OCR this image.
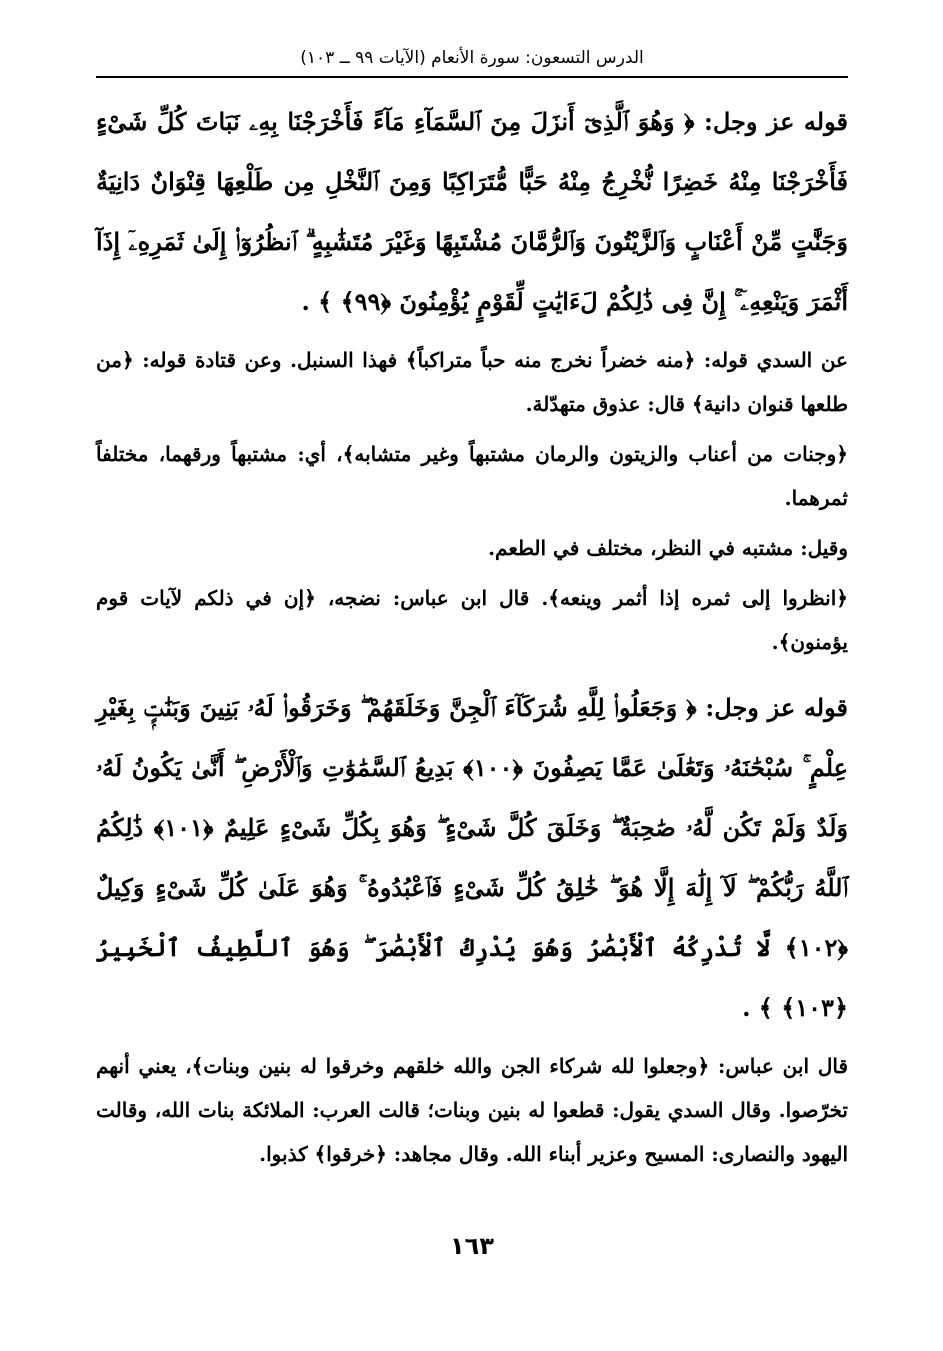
الدرس التسعون: سورة الأنعام (الآيات ٩٩ ــ ١٠٣)

قوله عز وجل: ﴿ وَهُوَ ٱلَّذِىٓ أَنزَلَ مِنَ ٱلسَّمَآءِ مَآءً فَأَخْرَجْنَا بِهِۦ نَبَاتَ كُلِّ شَىْءٍ فَأَخْرَجْنَا مِنْهُ خَضِرًا نُّخْرِجُ مِنْهُ حَبًّا مُّتَرَاكِبًا وَمِنَ ٱلنَّخْلِ مِن طَلْعِهَا قِنْوَانٌ دَانِيَةٌ وَجَنَّٰتٍ مِّنْ أَعْنَابٍ وَٱلزَّيْتُونَ وَٱلرُّمَّانَ مُشْتَبِهًا وَغَيْرَ مُتَشَٰبِهٍ ۗ ٱنظُرُوٓا۟ إِلَىٰ ثَمَرِهِۦٓ إِذَآ أَثْمَرَ وَيَنْعِهِۦٓ ۚ إِنَّ فِى ذَٰلِكُمْ لَءَايَٰتٍ لِّقَوْمٍ يُؤْمِنُونَ ﴿٩٩﴾ ﴾ .

عن السدي قوله: ﴿منه خضراً نخرج منه حباً متراكباً﴾ فهذا السنبل. وعن قتادة قوله: ﴿من طلعها قنوان دانية﴾ قال: عذوق متهدّلة.

﴿وجنات من أعناب والزيتون والرمان مشتبهاً وغير متشابه﴾، أي: مشتبهاً ورقهما، مختلفاً ثمرهما.

وقيل: مشتبه في النظر، مختلف في الطعم.

﴿انظروا إلى ثمره إذا أثمر وينعه﴾. قال ابن عباس: نضجه، ﴿إن في ذلكم لآيات قوم يؤمنون﴾.

قوله عز وجل: ﴿ وَجَعَلُوا۟ لِلَّهِ شُرَكَآءَ ٱلْجِنَّ وَخَلَقَهُمْ ۖ وَخَرَقُوا۟ لَهُۥ بَنِينَ وَبَنَٰتٍۭ بِغَيْرِ عِلْمٍ ۚ سُبْحَٰنَهُۥ وَتَعَٰلَىٰ عَمَّا يَصِفُونَ ﴿١٠٠﴾ بَدِيعُ ٱلسَّمَٰوَٰتِ وَٱلْأَرْضِ ۖ أَنَّىٰ يَكُونُ لَهُۥ وَلَدٌ وَلَمْ تَكُن لَّهُۥ صَٰحِبَةٌ ۖ وَخَلَقَ كُلَّ شَىْءٍ ۖ وَهُوَ بِكُلِّ شَىْءٍ عَلِيمٌ ﴿١٠١﴾ ذَٰلِكُمُ ٱللَّهُ رَبُّكُمْ ۖ لَآ إِلَٰهَ إِلَّا هُوَ ۖ خَٰلِقُ كُلِّ شَىْءٍ فَٱعْبُدُوهُ ۚ وَهُوَ عَلَىٰ كُلِّ شَىْءٍ وَكِيلٌ ﴿١٠٢﴾ لَّا تُدْرِكُهُ ٱلْأَبْصَٰرُ وَهُوَ يُدْرِكُ ٱلْأَبْصَٰرَ ۖ وَهُوَ ٱللَّطِيفُ ٱلْخَبِيرُ ﴿١٠٣﴾ ﴾ .

قال ابن عباس: ﴿وجعلوا لله شركاء الجن والله خلقهم وخرقوا له بنين وبنات﴾، يعني أنهم تخرّصوا. وقال السدي يقول: قطعوا له بنين وبنات؛ قالت العرب: الملائكة بنات الله، وقالت اليهود والنصارى: المسيح وعزير أبناء الله. وقال مجاهد: ﴿خرقوا﴾ كذبوا.

١٦٣
